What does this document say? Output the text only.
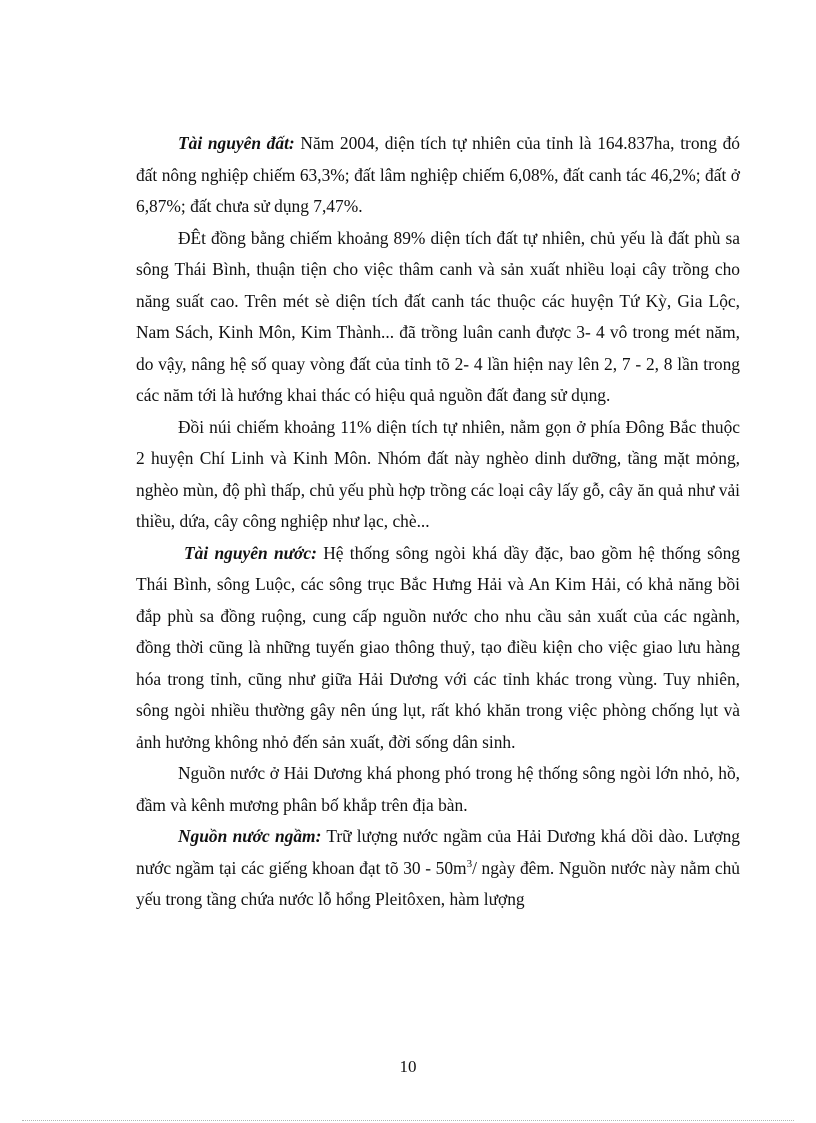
Tài nguyên đất: Năm 2004, diện tích tự nhiên của tỉnh là 164.837ha, trong đó đất nông nghiệp chiếm 63,3%; đất lâm nghiệp chiếm 6,08%, đất canh tác 46,2%; đất ở 6,87%; đất chưa sử dụng 7,47%.

ĐÊt đồng bằng chiếm khoảng 89% diện tích đất tự nhiên, chủ yếu là đất phù sa sông Thái Bình, thuận tiện cho việc thâm canh và sản xuất nhiều loại cây trồng cho năng suất cao. Trên mét sè diện tích đất canh tác thuộc các huyện Tứ Kỳ, Gia Lộc, Nam Sách, Kinh Môn, Kim Thành... đã trồng luân canh được 3- 4 vô trong mét năm, do vậy, nâng hệ số quay vòng đất của tỉnh tõ 2- 4 lần hiện nay lên 2, 7 - 2, 8 lần trong các năm tới là hướng khai thác có hiệu quả nguồn đất đang sử dụng.

Đồi núi chiếm khoảng 11% diện tích tự nhiên, nằm gọn ở phía Đông Bắc thuộc 2 huyện Chí Linh và Kinh Môn. Nhóm đất này nghèo dinh dưỡng, tầng mặt mỏng, nghèo mùn, độ phì thấp, chủ yếu phù hợp trồng các loại cây lấy gỗ, cây ăn quả như vải thiều, dứa, cây công nghiệp như lạc, chè...

Tài nguyên nước: Hệ thống sông ngòi khá dầy đặc, bao gồm hệ thống sông Thái Bình, sông Luộc, các sông trục Bắc Hưng Hải và An Kim Hải, có khả năng bồi đắp phù sa đồng ruộng, cung cấp nguồn nước cho nhu cầu sản xuất của các ngành, đồng thời cũng là những tuyến giao thông thuỷ, tạo điều kiện cho việc giao lưu hàng hóa trong tỉnh, cũng như giữa Hải Dương với các tỉnh khác trong vùng. Tuy nhiên, sông ngòi nhiều thường gây nên úng lụt, rất khó khăn trong việc phòng chống lụt và ảnh hưởng không nhỏ đến sản xuất, đời sống dân sinh.

Nguồn nước ở Hải Dương khá phong phó trong hệ thống sông ngòi lớn nhỏ, hồ, đầm và kênh mương phân bố khắp trên địa bàn.

Nguồn nước ngầm: Trữ lượng nước ngầm của Hải Dương khá dồi dào. Lượng nước ngầm tại các giếng khoan đạt tõ $30 - 50m^3/$ ngày đêm. Nguồn nước này nằm chủ yếu trong tầng chứa nước lỗ hổng Pleitôxen, hàm lượng

10
